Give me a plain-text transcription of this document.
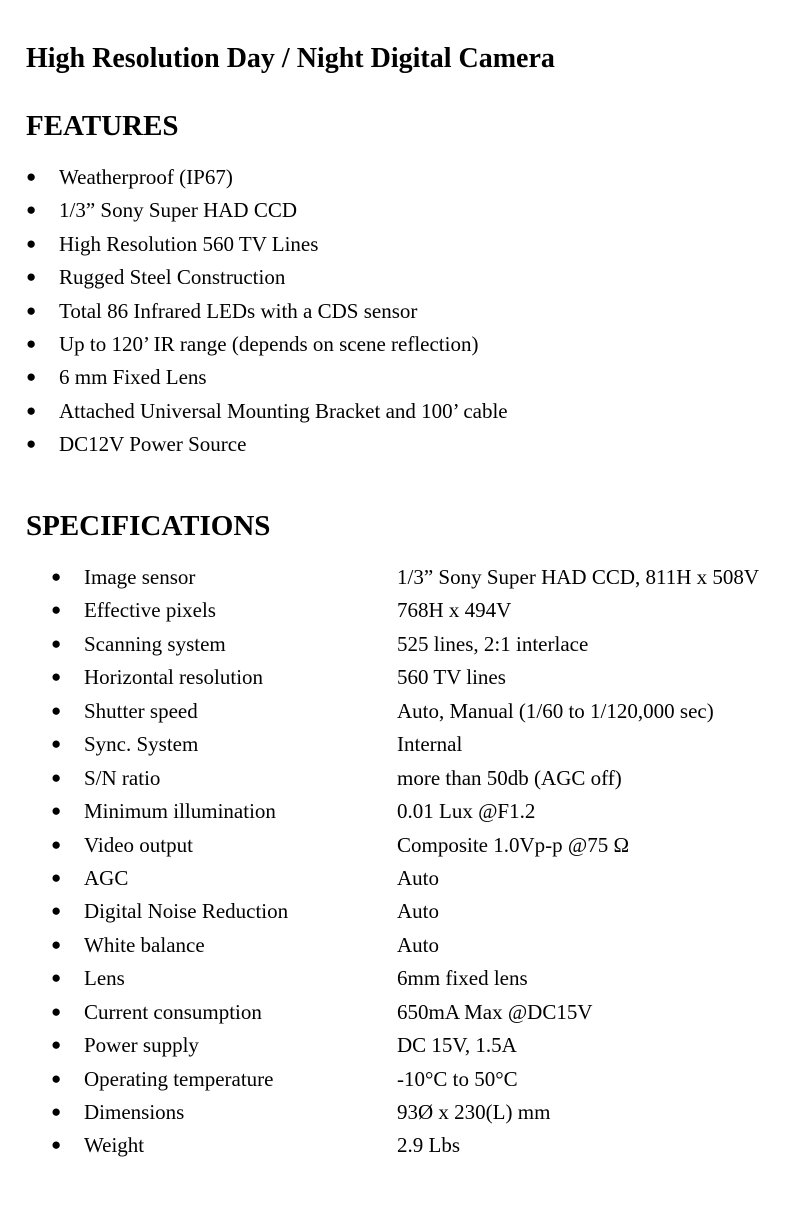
High Resolution Day / Night Digital Camera
FEATURES
● Weatherproof (IP67)
● 1/3” Sony Super HAD CCD
● High Resolution 560 TV Lines
● Rugged Steel Construction
● Total 86 Infrared LEDs with a CDS sensor
● Up to 120’ IR range (depends on scene reflection)
● 6 mm Fixed Lens
● Attached Universal Mounting Bracket and 100’ cable
● DC12V Power Source
SPECIFICATIONS
● Image sensor	1/3” Sony Super HAD CCD, 811H x 508V
● Effective pixels	768H x 494V
● Scanning system	525 lines, 2:1 interlace
● Horizontal resolution	560 TV lines
● Shutter speed	Auto, Manual (1/60 to 1/120,000 sec)
● Sync. System	Internal
● S/N ratio	more than 50db (AGC off)
● Minimum illumination	0.01 Lux @F1.2
● Video output	Composite 1.0Vp-p @75 Ω
● AGC	Auto
● Digital Noise Reduction	Auto
● White balance	Auto
● Lens	6mm fixed lens
● Current consumption	650mA Max @DC15V
● Power supply	DC 15V, 1.5A
● Operating temperature	-10°C to 50°C
● Dimensions	93Ø x 230(L) mm
● Weight	2.9 Lbs
